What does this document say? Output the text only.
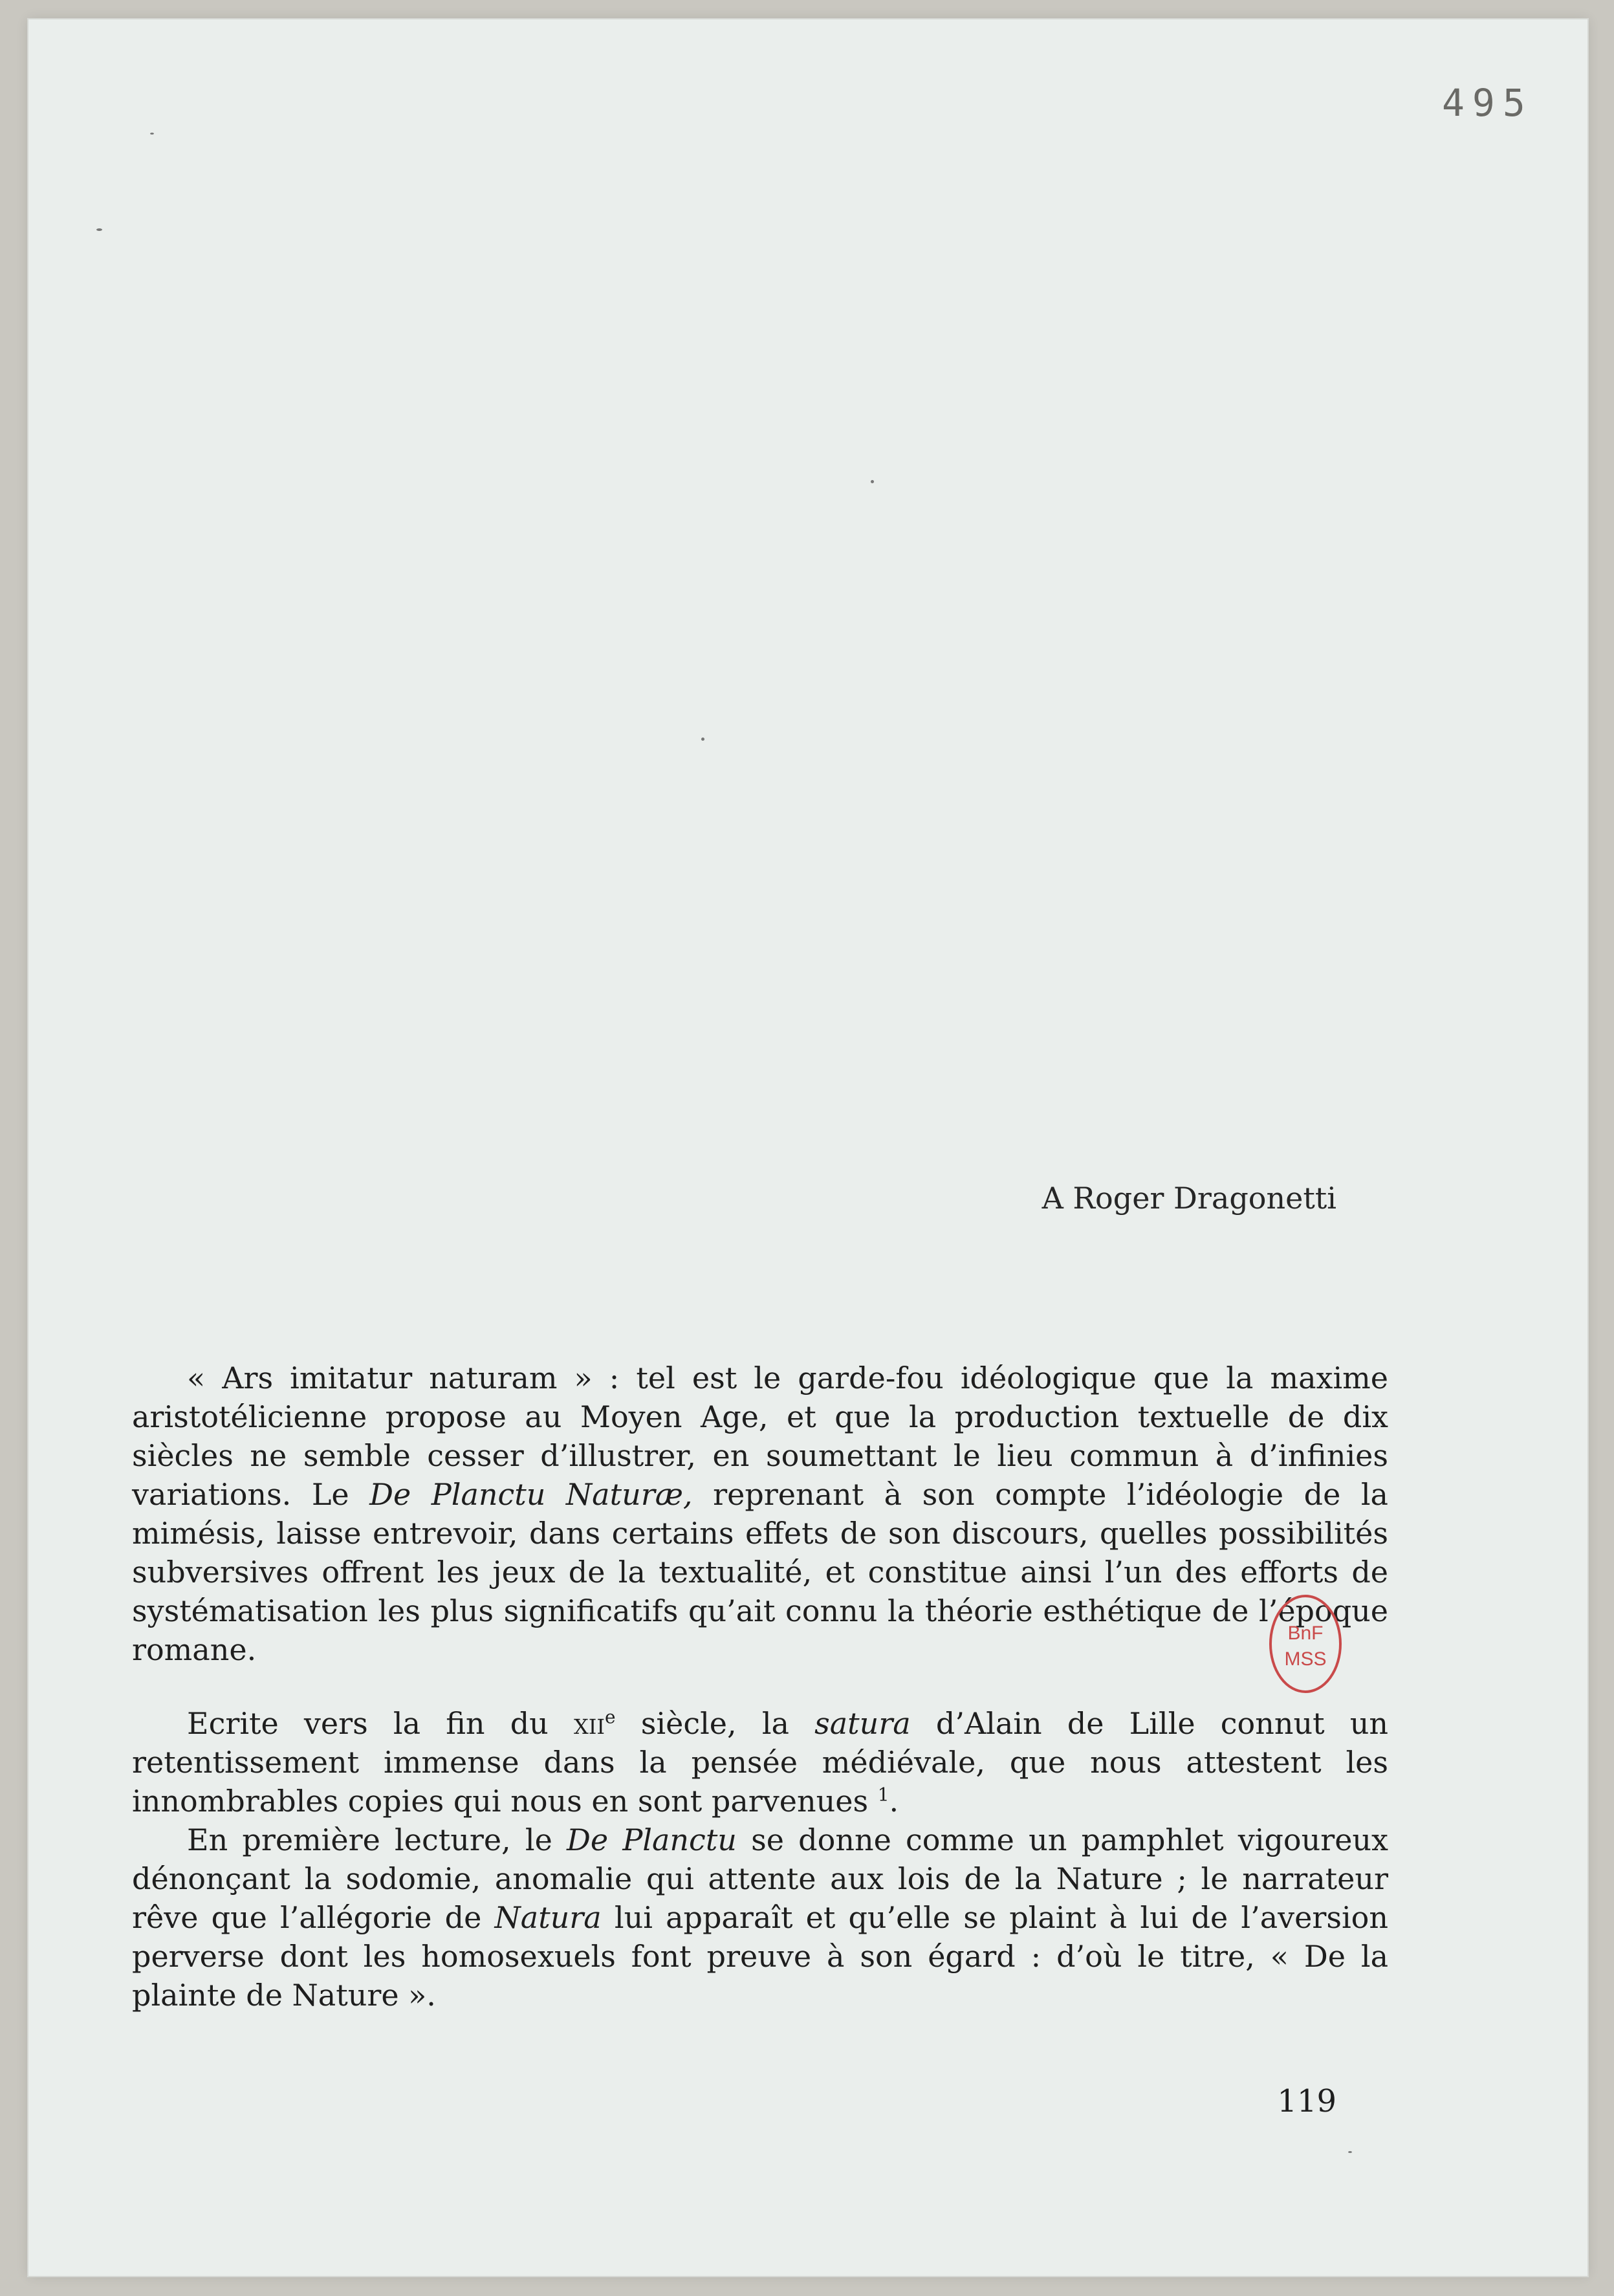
495
A Roger Dragonetti

« Ars imitatur naturam » : tel est le garde-fou idéologique que la maxime aristotélicienne propose au Moyen Age, et que la production textuelle de dix siècles ne semble cesser d’illustrer, en soumettant le lieu commun à d’infinies variations. Le De Planctu Naturæ, reprenant à son compte l’idéologie de la mimésis, laisse entrevoir, dans certains effets de son discours, quelles possibilités subversives offrent les jeux de la textualité, et constitue ainsi l’un des efforts de systématisation les plus significatifs qu’ait connu la théorie esthétique de l’époque romane.

Ecrite vers la fin du xii$^e$ siècle, la satura d’Alain de Lille connut un retentissement immense dans la pensée médiévale, que nous attestent les innombrables copies qui nous en sont parvenues $^1$.

En première lecture, le De Planctu se donne comme un pamphlet vigoureux dénonçant la sodomie, anomalie qui attente aux lois de la Nature ; le narrateur rêve que l’allégorie de Natura lui apparaît et qu’elle se plaint à lui de l’aversion perverse dont les homosexuels font preuve à son égard : d’où le titre, « De la plainte de Nature ».

BnF
MSS
119
